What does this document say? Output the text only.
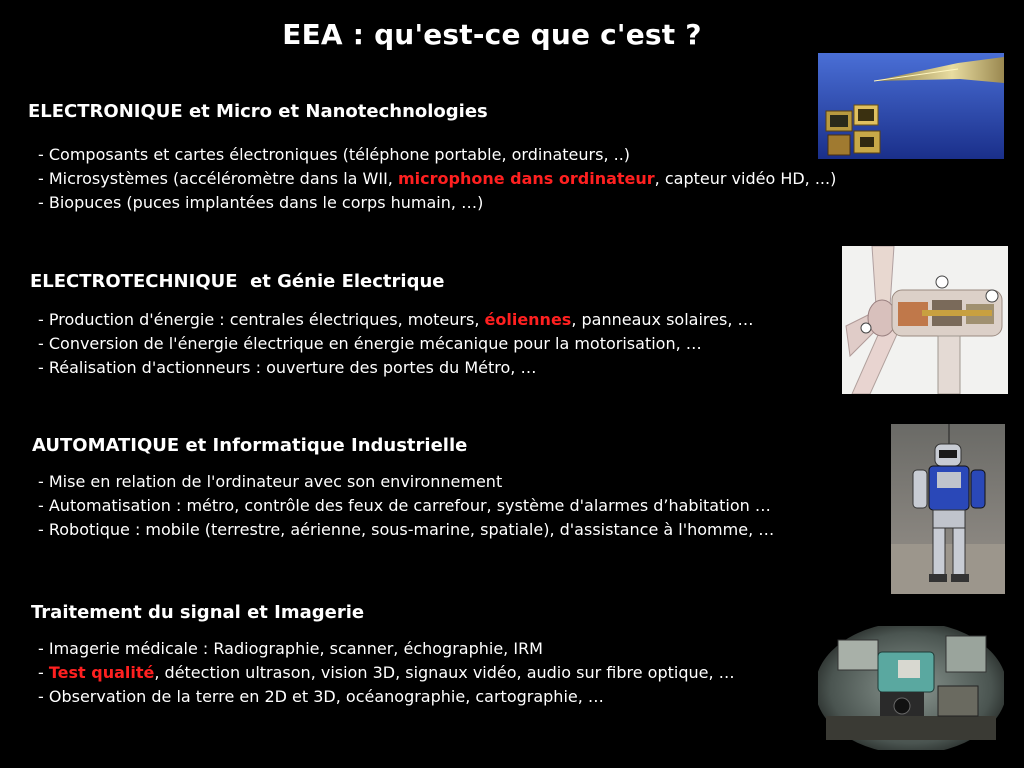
EEA : qu'est-ce que c'est ?
ELECTRONIQUE et Micro et Nanotechnologies
- Composants et cartes électroniques (téléphone portable, ordinateurs, ..)
- Microsystèmes (accéléromètre dans la WII, microphone dans ordinateur, capteur vidéo HD, ...)
- Biopuces (puces implantées dans le corps humain, …)
ELECTROTECHNIQUE  et Génie Electrique
- Production d'énergie : centrales électriques, moteurs, éoliennes, panneaux solaires, …
- Conversion de l'énergie électrique en énergie mécanique pour la motorisation, …
- Réalisation d'actionneurs : ouverture des portes du Métro, …
AUTOMATIQUE et Informatique Industrielle
- Mise en relation de l'ordinateur avec son environnement
- Automatisation : métro, contrôle des feux de carrefour, système d'alarmes d’habitation …
- Robotique : mobile (terrestre, aérienne, sous-marine, spatiale), d'assistance à l'homme, …
Traitement du signal et Imagerie
- Imagerie médicale : Radiographie, scanner, échographie, IRM
- Test qualité, détection ultrason, vision 3D, signaux vidéo, audio sur fibre optique, …
- Observation de la terre en 2D et 3D, océanographie, cartographie, …
